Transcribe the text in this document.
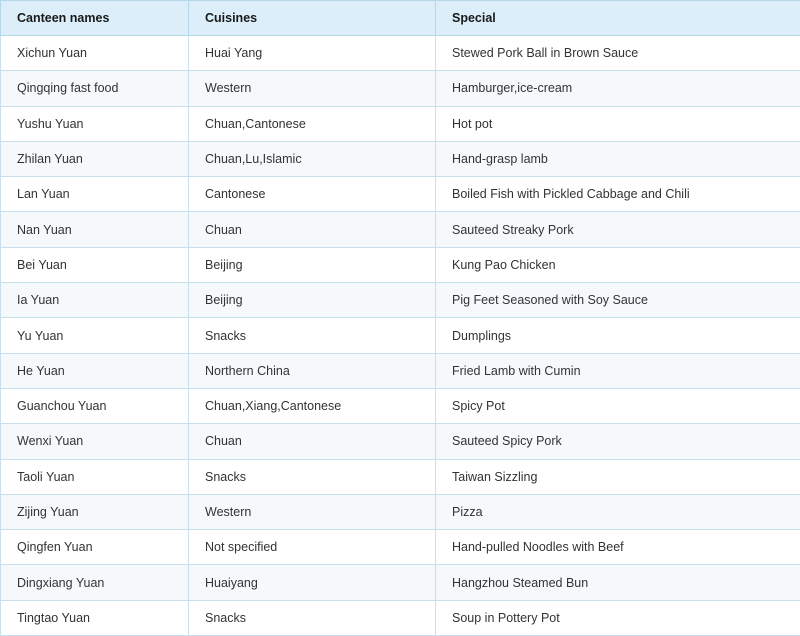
Canteen names	Cuisines	Special
Xichun Yuan	Huai Yang	Stewed Pork Ball in Brown Sauce
Qingqing fast food	Western	Hamburger,ice-cream
Yushu Yuan	Chuan,Cantonese	Hot pot
Zhilan Yuan	Chuan,Lu,Islamic	Hand-grasp lamb
Lan Yuan	Cantonese	Boiled Fish with Pickled Cabbage and Chili
Nan Yuan	Chuan	Sauteed Streaky Pork
Bei Yuan	Beijing	Kung Pao Chicken
Ia Yuan	Beijing	Pig Feet Seasoned with Soy Sauce
Yu Yuan	Snacks	Dumplings
He Yuan	Northern China	Fried Lamb with Cumin
Guanchou Yuan	Chuan,Xiang,Cantonese	Spicy Pot
Wenxi Yuan	Chuan	Sauteed Spicy Pork
Taoli Yuan	Snacks	Taiwan Sizzling
Zijing Yuan	Western	Pizza
Qingfen Yuan	Not specified	Hand-pulled Noodles with Beef
Dingxiang Yuan	Huaiyang	Hangzhou Steamed Bun
Tingtao Yuan	Snacks	Soup in Pottery Pot
